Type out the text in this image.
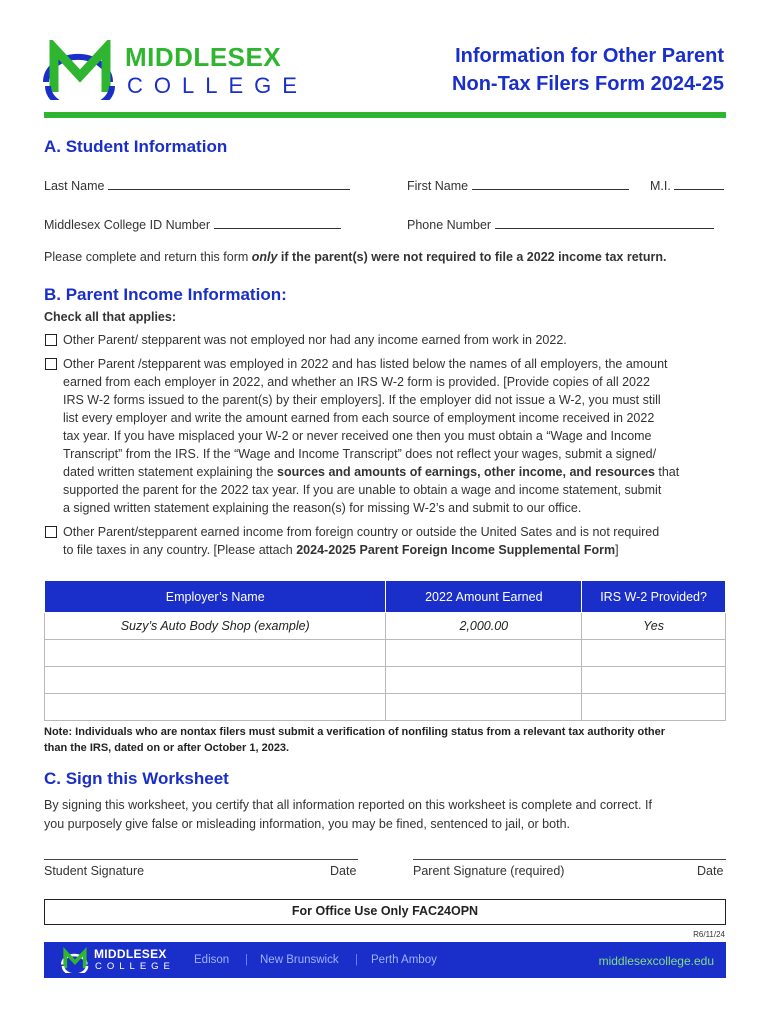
MIDDLESEX
COLLEGE
Information for Other Parent
Non-Tax Filers Form 2024-25
A. Student Information
Last Name	First Name	M.I.
Middlesex College ID Number	Phone Number
Please complete and return this form only if the parent(s) were not required to file a 2022 income tax return.
B. Parent Income Information:
Check all that applies:
Other Parent/ stepparent was not employed nor had any income earned from work in 2022.
Other Parent /stepparent was employed in 2022 and has listed below the names of all employers, the amount
earned from each employer in 2022, and whether an IRS W-2 form is provided. [Provide copies of all 2022
IRS W-2 forms issued to the parent(s) by their employers]. If the employer did not issue a W-2, you must still
list every employer and write the amount earned from each source of employment income received in 2022
tax year. If you have misplaced your W-2 or never received one then you must obtain a “Wage and Income
Transcript” from the IRS. If the “Wage and Income Transcript” does not reflect your wages, submit a signed/
dated written statement explaining the sources and amounts of earnings, other income, and resources that
supported the parent for the 2022 tax year. If you are unable to obtain a wage and income statement, submit
a signed written statement explaining the reason(s) for missing W-2’s and submit to our office.
Other Parent/stepparent earned income from foreign country or outside the United Sates and is not required
to file taxes in any country. [Please attach 2024-2025 Parent Foreign Income Supplemental Form]
Employer’s Name	2022 Amount Earned	IRS W-2 Provided?
Suzy’s Auto Body Shop (example)	2,000.00	Yes

Note: Individuals who are nontax filers must submit a verification of nonfiling status from a relevant tax authority other
than the IRS, dated on or after October 1, 2023.
C. Sign this Worksheet
By signing this worksheet, you certify that all information reported on this worksheet is complete and correct. If
you purposely give false or misleading information, you may be fined, sentenced to jail, or both.
Student Signature	Date	Parent Signature (required)	Date
For Office Use Only FAC24OPN
R6/11/24
MIDDLESEX
COLLEGE
Edison | New Brunswick | Perth Amboy	middlesexcollege.edu
